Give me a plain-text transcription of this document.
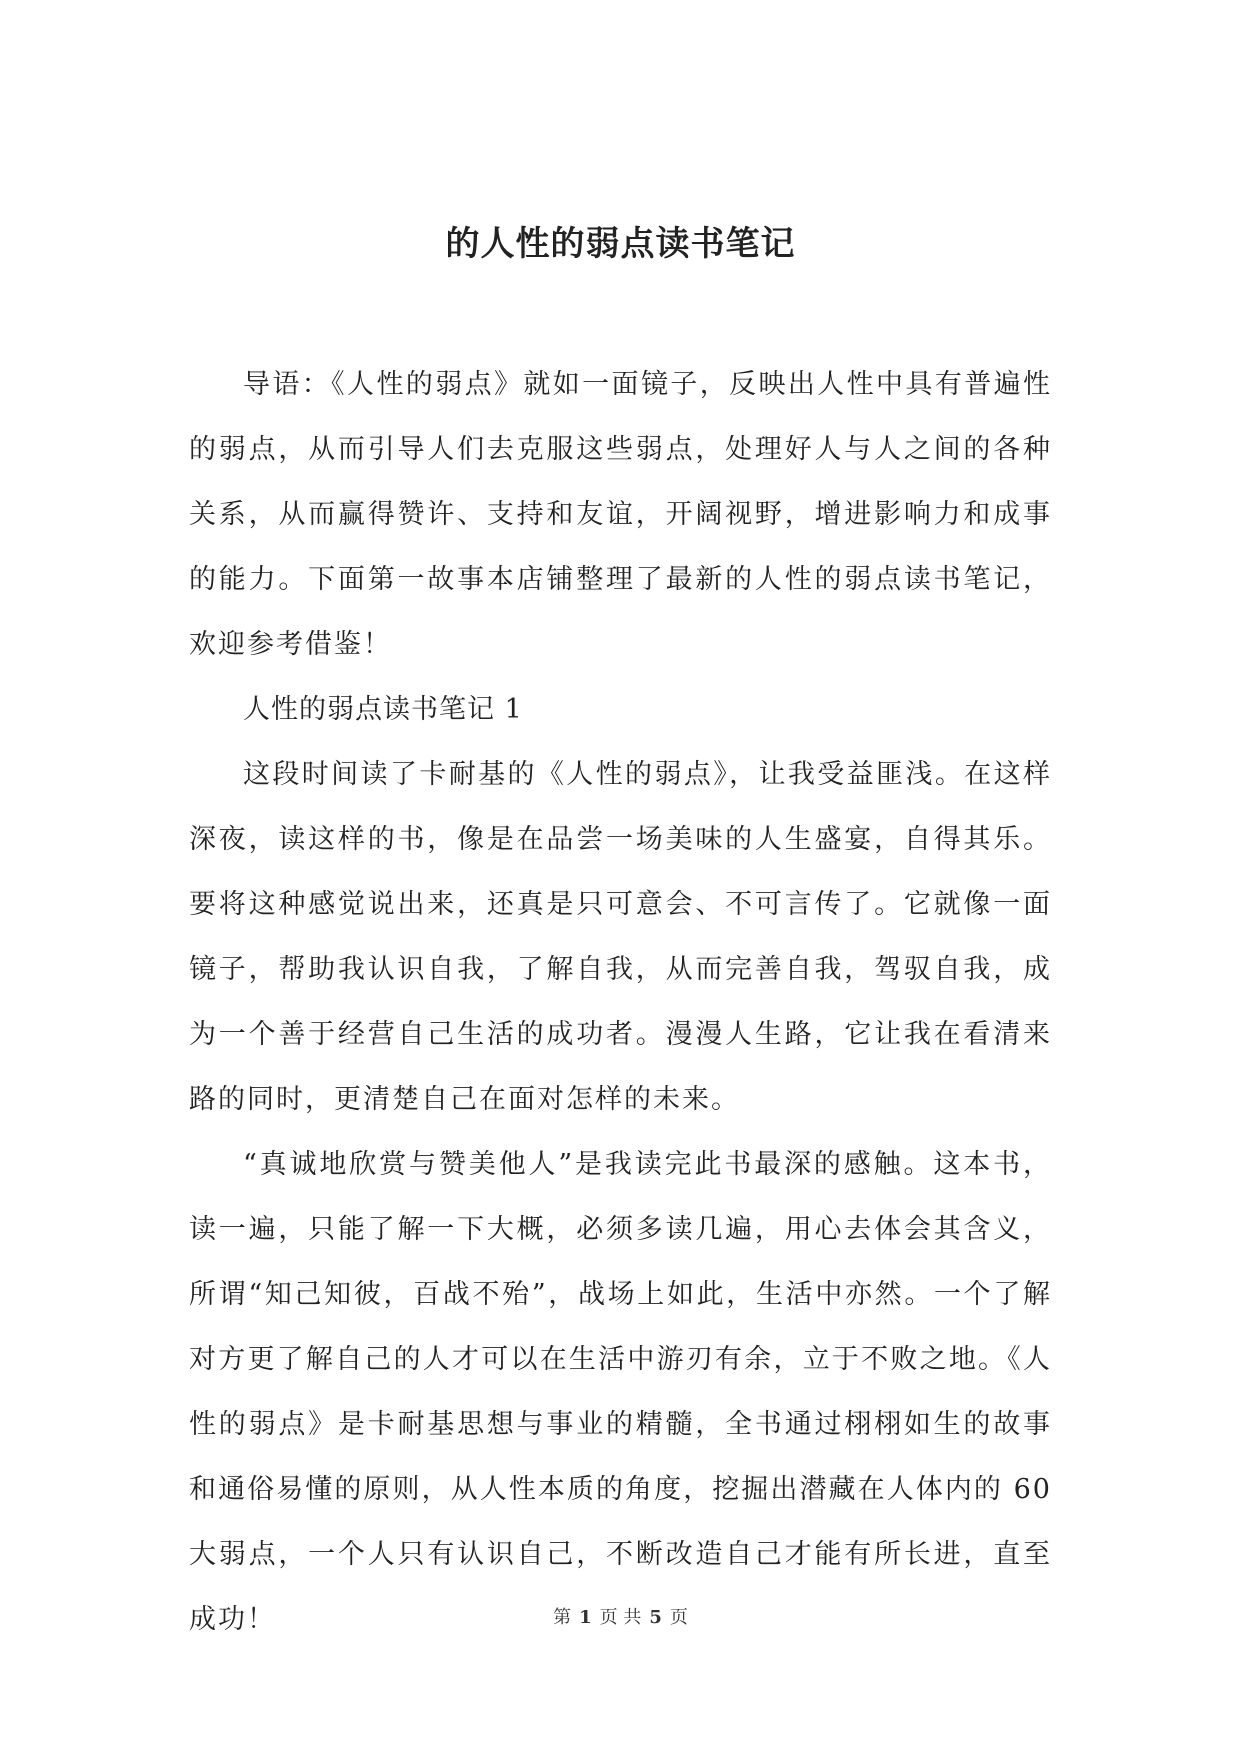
的人性的弱点读书笔记

导语：《人性的弱点》就如一面镜子，反映出人性中具有普遍性的弱点，从而引导人们去克服这些弱点，处理好人与人之间的各种关系，从而赢得赞许、支持和友谊，开阔视野，增进影响力和成事的能力。下面第一故事本店铺整理了最新的人性的弱点读书笔记，欢迎参考借鉴！

人性的弱点读书笔记 1

这段时间读了卡耐基的《人性的弱点》，让我受益匪浅。在这样深夜，读这样的书，像是在品尝一场美味的人生盛宴，自得其乐。要将这种感觉说出来，还真是只可意会、不可言传了。它就像一面镜子，帮助我认识自我，了解自我，从而完善自我，驾驭自我，成为一个善于经营自己生活的成功者。漫漫人生路，它让我在看清来路的同时，更清楚自己在面对怎样的未来。

“真诚地欣赏与赞美他人”是我读完此书最深的感触。这本书，读一遍，只能了解一下大概，必须多读几遍，用心去体会其含义，所谓“知己知彼，百战不殆”，战场上如此，生活中亦然。一个了解对方更了解自己的人才可以在生活中游刃有余，立于不败之地。《人性的弱点》是卡耐基思想与事业的精髓，全书通过栩栩如生的故事和通俗易懂的原则，从人性本质的角度，挖掘出潜藏在人体内的 60 大弱点，一个人只有认识自己，不断改造自己才能有所长进，直至成功！	第 1 页 共 5 页
